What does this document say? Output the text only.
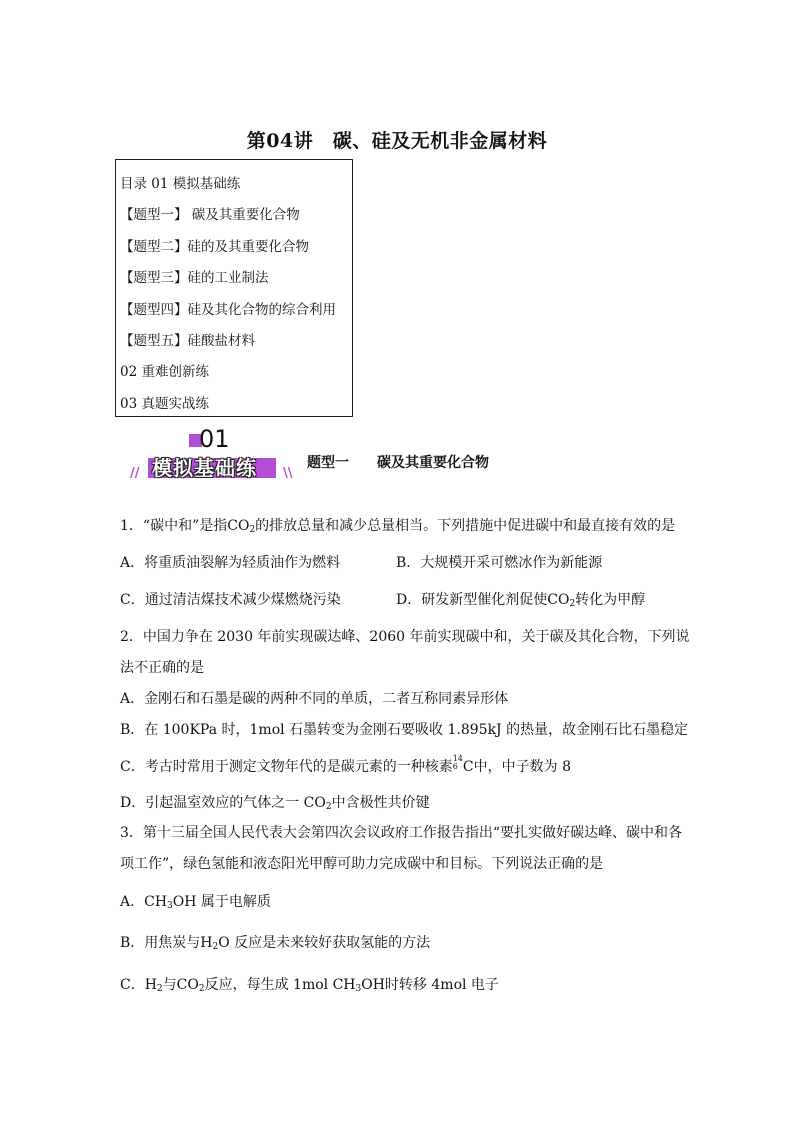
第04讲　碳、硅及无机非金属材料
目录 01 模拟基础练
【题型一】 碳及其重要化合物
【题型二】硅的及其重要化合物
【题型三】硅的工业制法
【题型四】硅及其化合物的综合利用
【题型五】硅酸盐材料
02 重难创新练
03 真题实战练
01
模拟基础练
//	\\
题型一　　碳及其重要化合物
1．“碳中和”是指$CO_2$的排放总量和减少总量相当。下列措施中促进碳中和最直接有效的是
A．将重质油裂解为轻质油作为燃料	B．大规模开采可燃冰作为新能源
C．通过清洁煤技术减少煤燃烧污染	D．研发新型催化剂促使$CO_2$转化为甲醇
2．中国力争在 2030 年前实现碳达峰、2060 年前实现碳中和，关于碳及其化合物，下列说
法不正确的是
A．金刚石和石墨是碳的两种不同的单质，二者互称同素异形体
B．在 100KPa 时，1mol 石墨转变为金刚石要吸收 1.895kJ 的热量，故金刚石比石墨稳定
C．考古时常用于测定文物年代的是碳元素的一种核素14
6 C中，中子数为 8
D．引起温室效应的气体之一 $CO_2$中含极性共价键
3．第十三届全国人民代表大会第四次会议政府工作报告指出“要扎实做好碳达峰、碳中和各
项工作”，绿色氢能和液态阳光甲醇可助力完成碳中和目标。下列说法正确的是
A．$CH_3OH$ 属于电解质
B．用焦炭与$H_2O$ 反应是未来较好获取氢能的方法
C．$H_2$与$CO_2$反应，每生成 1mol $CH_3OH$时转移 4mol 电子
